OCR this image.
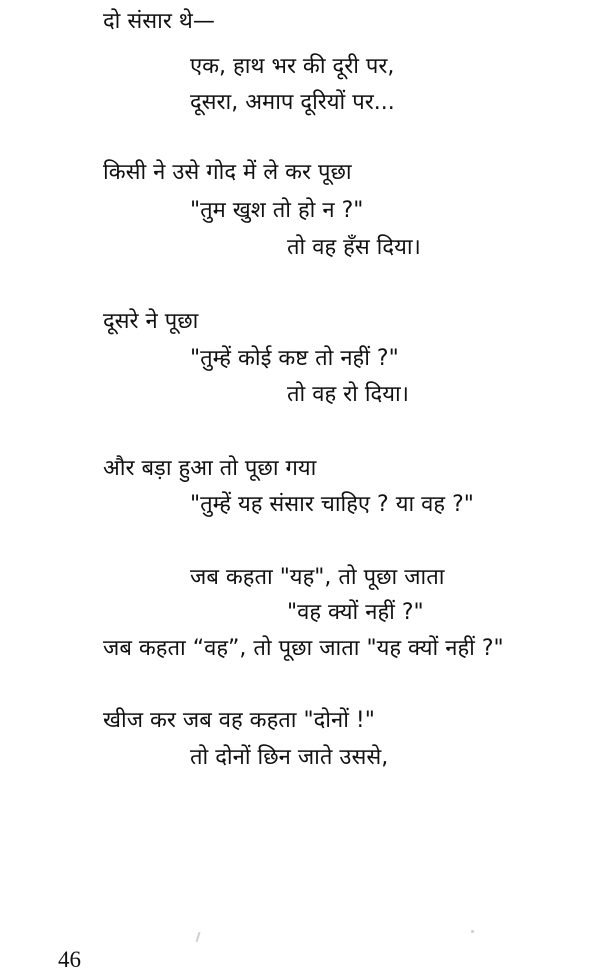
दो संसार थे—
एक, हाथ भर की दूरी पर,
दूसरा, अमाप दूरियों पर...
किसी ने उसे गोद में ले कर पूछा
"तुम खुश तो हो न ?"
तो वह हँस दिया।
दूसरे ने पूछा
"तुम्हें कोई कष्ट तो नहीं ?"
तो वह रो दिया।
और बड़ा हुआ तो पूछा गया
"तुम्हें यह संसार चाहिए ? या वह ?"
जब कहता "यह", तो पूछा जाता
"वह क्यों नहीं ?"
जब कहता “वह”, तो पूछा जाता "यह क्यों नहीं ?"
खीज कर जब वह कहता "दोनों !"
तो दोनों छिन जाते उससे,
46
